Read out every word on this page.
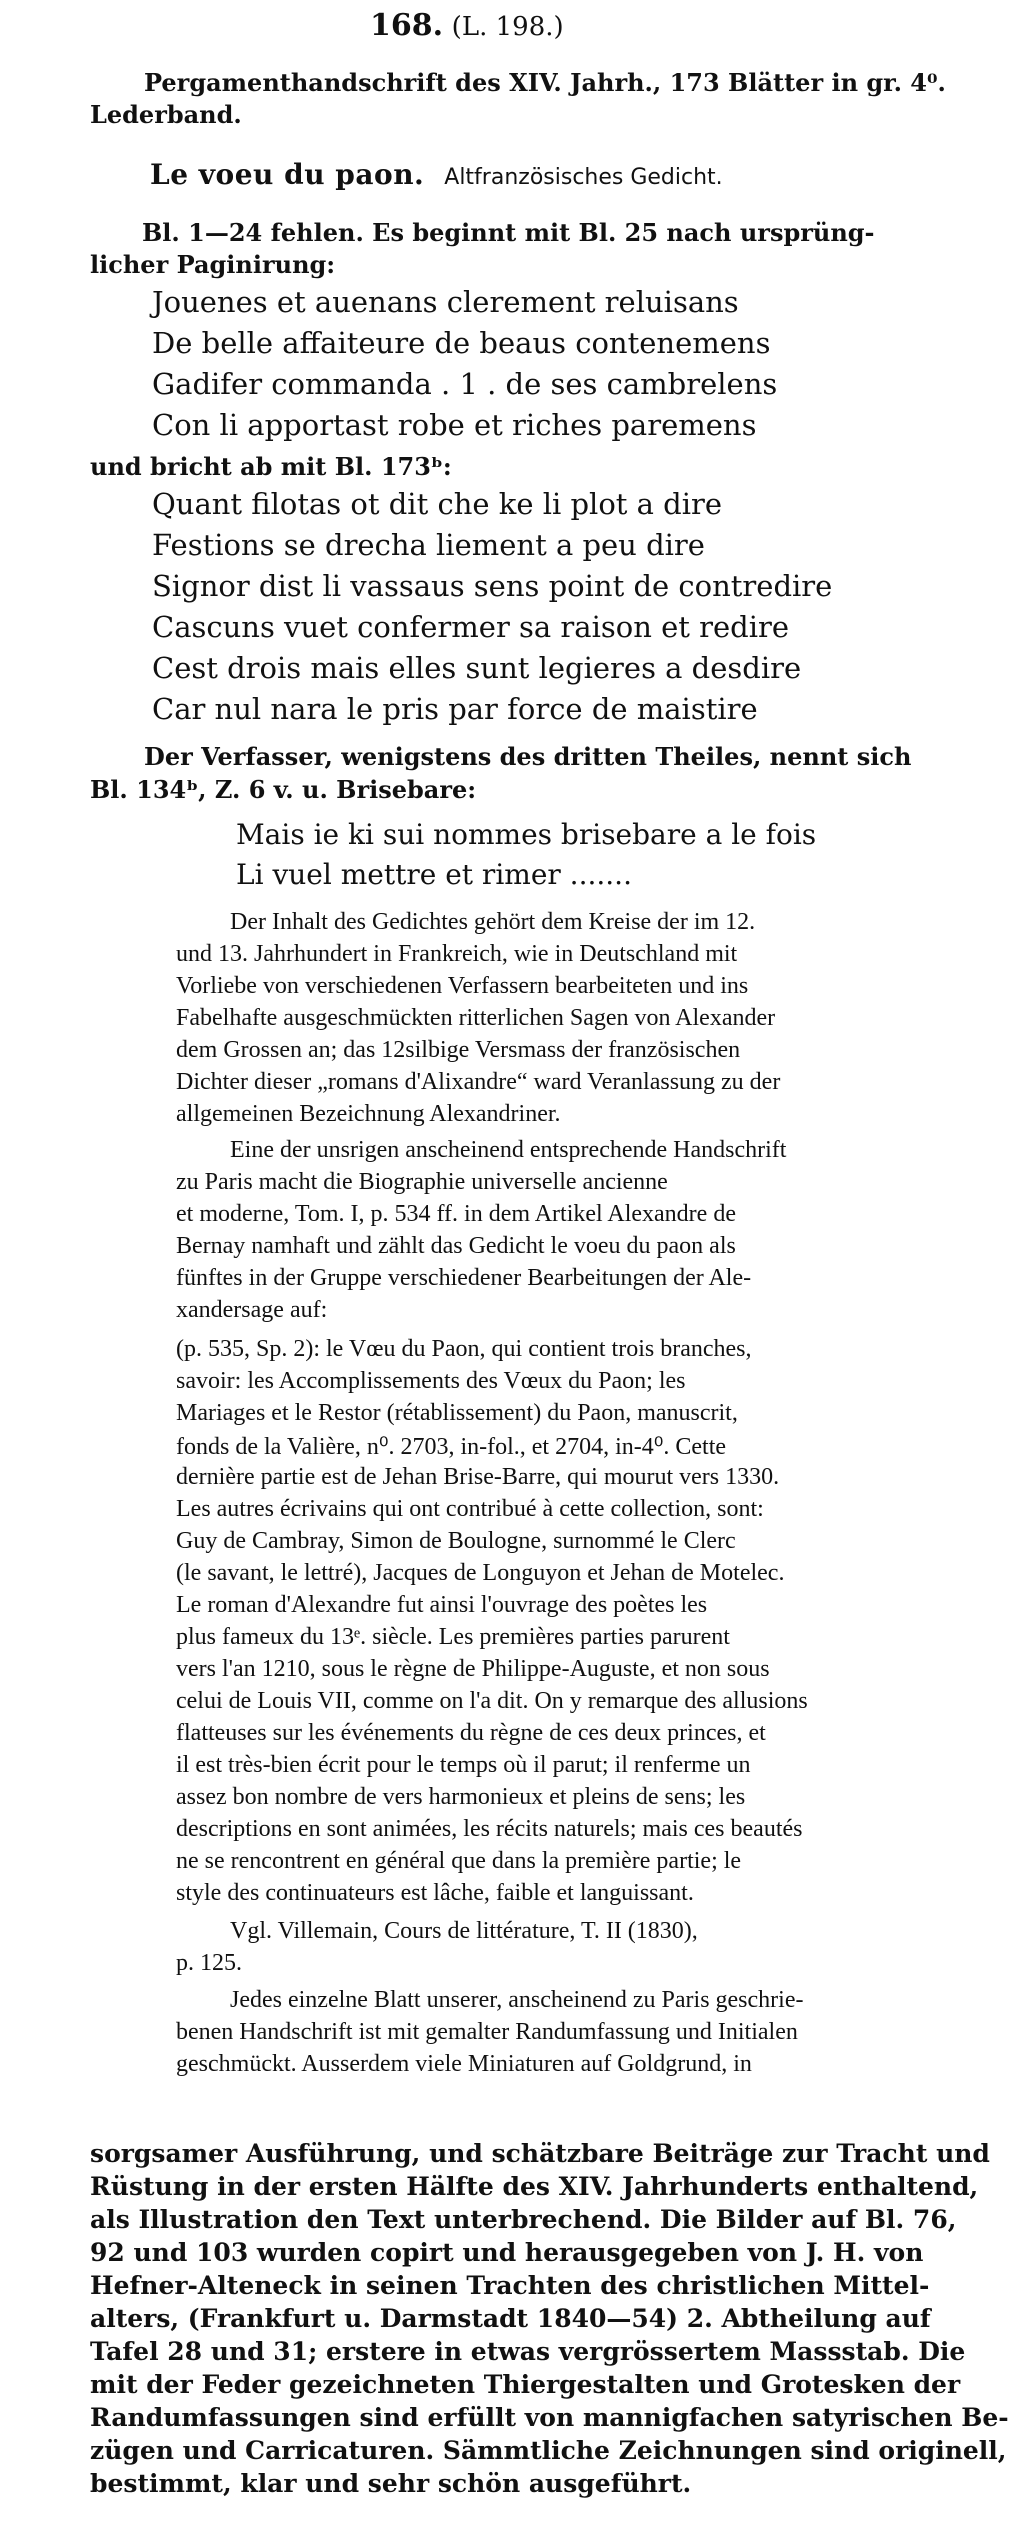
168. (L. 198.)
Pergamenthandschrift des XIV. Jahrh., 173 Blätter in gr. 4⁰.
Lederband.
Le voeu du paon. Altfranzösisches Gedicht.
Bl. 1—24 fehlen. Es beginnt mit Bl. 25 nach ursprüng-
licher Paginirung:
Jouenes et auenans clerement reluisans
De belle affaiteure de beaus contenemens
Gadifer commanda . 1 . de ses cambrelens
Con li apportast robe et riches paremens
und bricht ab mit Bl. 173ᵇ:
Quant filotas ot dit che ke li plot a dire
Festions se drecha liement a peu dire
Signor dist li vassaus sens point de contredire
Cascuns vuet confermer sa raison et redire
Cest drois mais elles sunt legieres a desdire
Car nul nara le pris par force de maistire
Der Verfasser, wenigstens des dritten Theiles, nennt sich
Bl. 134ᵇ, Z. 6 v. u. Brisebare:
Mais ie ki sui nommes brisebare a le fois
Li vuel mettre et rimer .......
Der Inhalt des Gedichtes gehört dem Kreise der im 12.
und 13. Jahrhundert in Frankreich, wie in Deutschland mit
Vorliebe von verschiedenen Verfassern bearbeiteten und ins
Fabelhafte ausgeschmückten ritterlichen Sagen von Alexander
dem Grossen an; das 12silbige Versmass der französischen
Dichter dieser „romans d'Alixandre“ ward Veranlassung zu der
allgemeinen Bezeichnung Alexandriner.
Eine der unsrigen anscheinend entsprechende Handschrift
zu Paris macht die Biographie universelle ancienne
et moderne, Tom. I, p. 534 ff. in dem Artikel Alexandre de
Bernay namhaft und zählt das Gedicht le voeu du paon als
fünftes in der Gruppe verschiedener Bearbeitungen der Ale-
xandersage auf:
(p. 535, Sp. 2): le Vœu du Paon, qui contient trois branches,
savoir: les Accomplissements des Vœux du Paon; les
Mariages et le Restor (rétablissement) du Paon, manuscrit,
fonds de la Valière, n⁰. 2703, in-fol., et 2704, in-4⁰. Cette
dernière partie est de Jehan Brise-Barre, qui mourut vers 1330.
Les autres écrivains qui ont contribué à cette collection, sont:
Guy de Cambray, Simon de Boulogne, surnommé le Clerc
(le savant, le lettré), Jacques de Longuyon et Jehan de Motelec.
Le roman d'Alexandre fut ainsi l'ouvrage des poètes les
plus fameux du 13ᵉ. siècle. Les premières parties parurent
vers l'an 1210, sous le règne de Philippe-Auguste, et non sous
celui de Louis VII, comme on l'a dit. On y remarque des allusions
flatteuses sur les événements du règne de ces deux princes, et
il est très-bien écrit pour le temps où il parut; il renferme un
assez bon nombre de vers harmonieux et pleins de sens; les
descriptions en sont animées, les récits naturels; mais ces beautés
ne se rencontrent en général que dans la première partie; le
style des continuateurs est lâche, faible et languissant.
Vgl. Villemain, Cours de littérature, T. II (1830),
p. 125.
Jedes einzelne Blatt unserer, anscheinend zu Paris geschrie-
benen Handschrift ist mit gemalter Randumfassung und Initialen
geschmückt. Ausserdem viele Miniaturen auf Goldgrund, in
sorgsamer Ausführung, und schätzbare Beiträge zur Tracht und
Rüstung in der ersten Hälfte des XIV. Jahrhunderts enthaltend,
als Illustration den Text unterbrechend. Die Bilder auf Bl. 76,
92 und 103 wurden copirt und herausgegeben von J. H. von
Hefner-Alteneck in seinen Trachten des christlichen Mittel-
alters, (Frankfurt u. Darmstadt 1840—54) 2. Abtheilung auf
Tafel 28 und 31; erstere in etwas vergrössertem Massstab. Die
mit der Feder gezeichneten Thiergestalten und Grotesken der
Randumfassungen sind erfüllt von mannigfachen satyrischen Be-
zügen und Carricaturen. Sämmtliche Zeichnungen sind originell,
bestimmt, klar und sehr schön ausgeführt.
